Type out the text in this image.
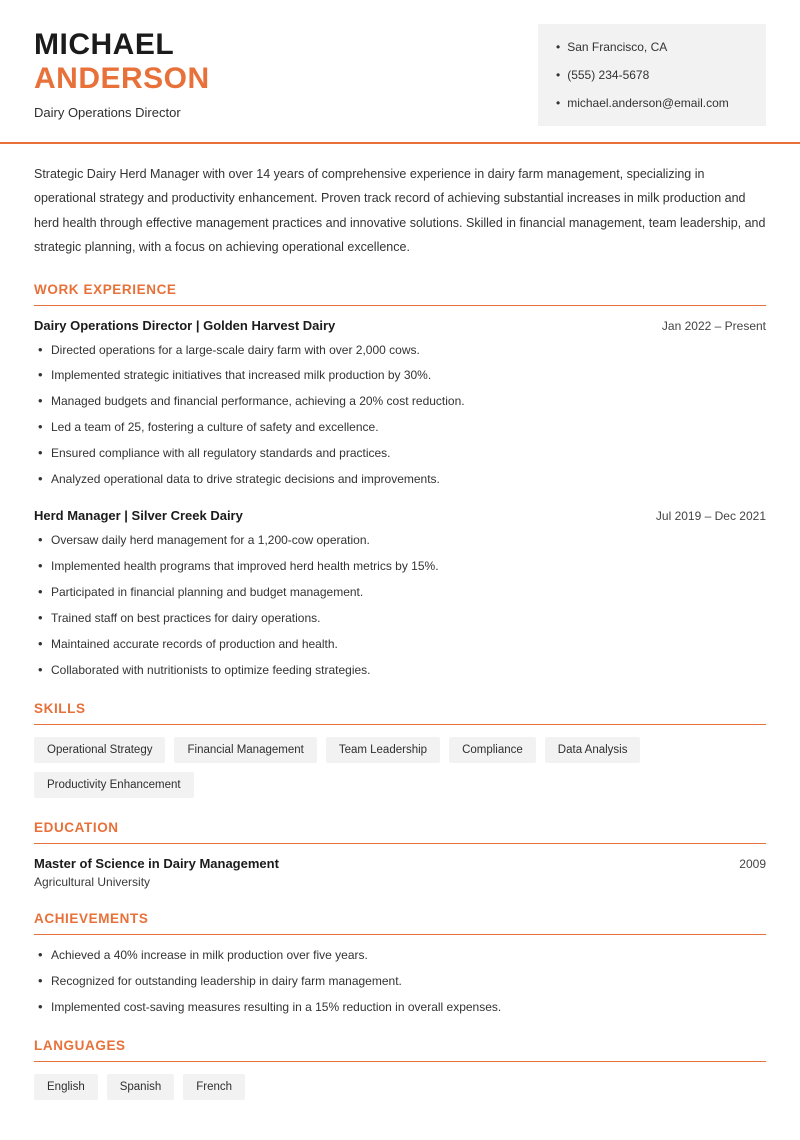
MICHAEL
ANDERSON
Dairy Operations Director
• San Francisco, CA
• (555) 234-5678
• michael.anderson@email.com
Strategic Dairy Herd Manager with over 14 years of comprehensive experience in dairy farm management, specializing in operational strategy and productivity enhancement. Proven track record of achieving substantial increases in milk production and herd health through effective management practices and innovative solutions. Skilled in financial management, team leadership, and strategic planning, with a focus on achieving operational excellence.
WORK EXPERIENCE
Dairy Operations Director | Golden Harvest Dairy	Jan 2022 – Present
• Directed operations for a large-scale dairy farm with over 2,000 cows.
• Implemented strategic initiatives that increased milk production by 30%.
• Managed budgets and financial performance, achieving a 20% cost reduction.
• Led a team of 25, fostering a culture of safety and excellence.
• Ensured compliance with all regulatory standards and practices.
• Analyzed operational data to drive strategic decisions and improvements.
Herd Manager | Silver Creek Dairy	Jul 2019 – Dec 2021
• Oversaw daily herd management for a 1,200-cow operation.
• Implemented health programs that improved herd health metrics by 15%.
• Participated in financial planning and budget management.
• Trained staff on best practices for dairy operations.
• Maintained accurate records of production and health.
• Collaborated with nutritionists to optimize feeding strategies.
SKILLS
Operational Strategy	Financial Management	Team Leadership	Compliance	Data Analysis
Productivity Enhancement
EDUCATION
Master of Science in Dairy Management	2009
Agricultural University
ACHIEVEMENTS
• Achieved a 40% increase in milk production over five years.
• Recognized for outstanding leadership in dairy farm management.
• Implemented cost-saving measures resulting in a 15% reduction in overall expenses.
LANGUAGES
English	Spanish	French
